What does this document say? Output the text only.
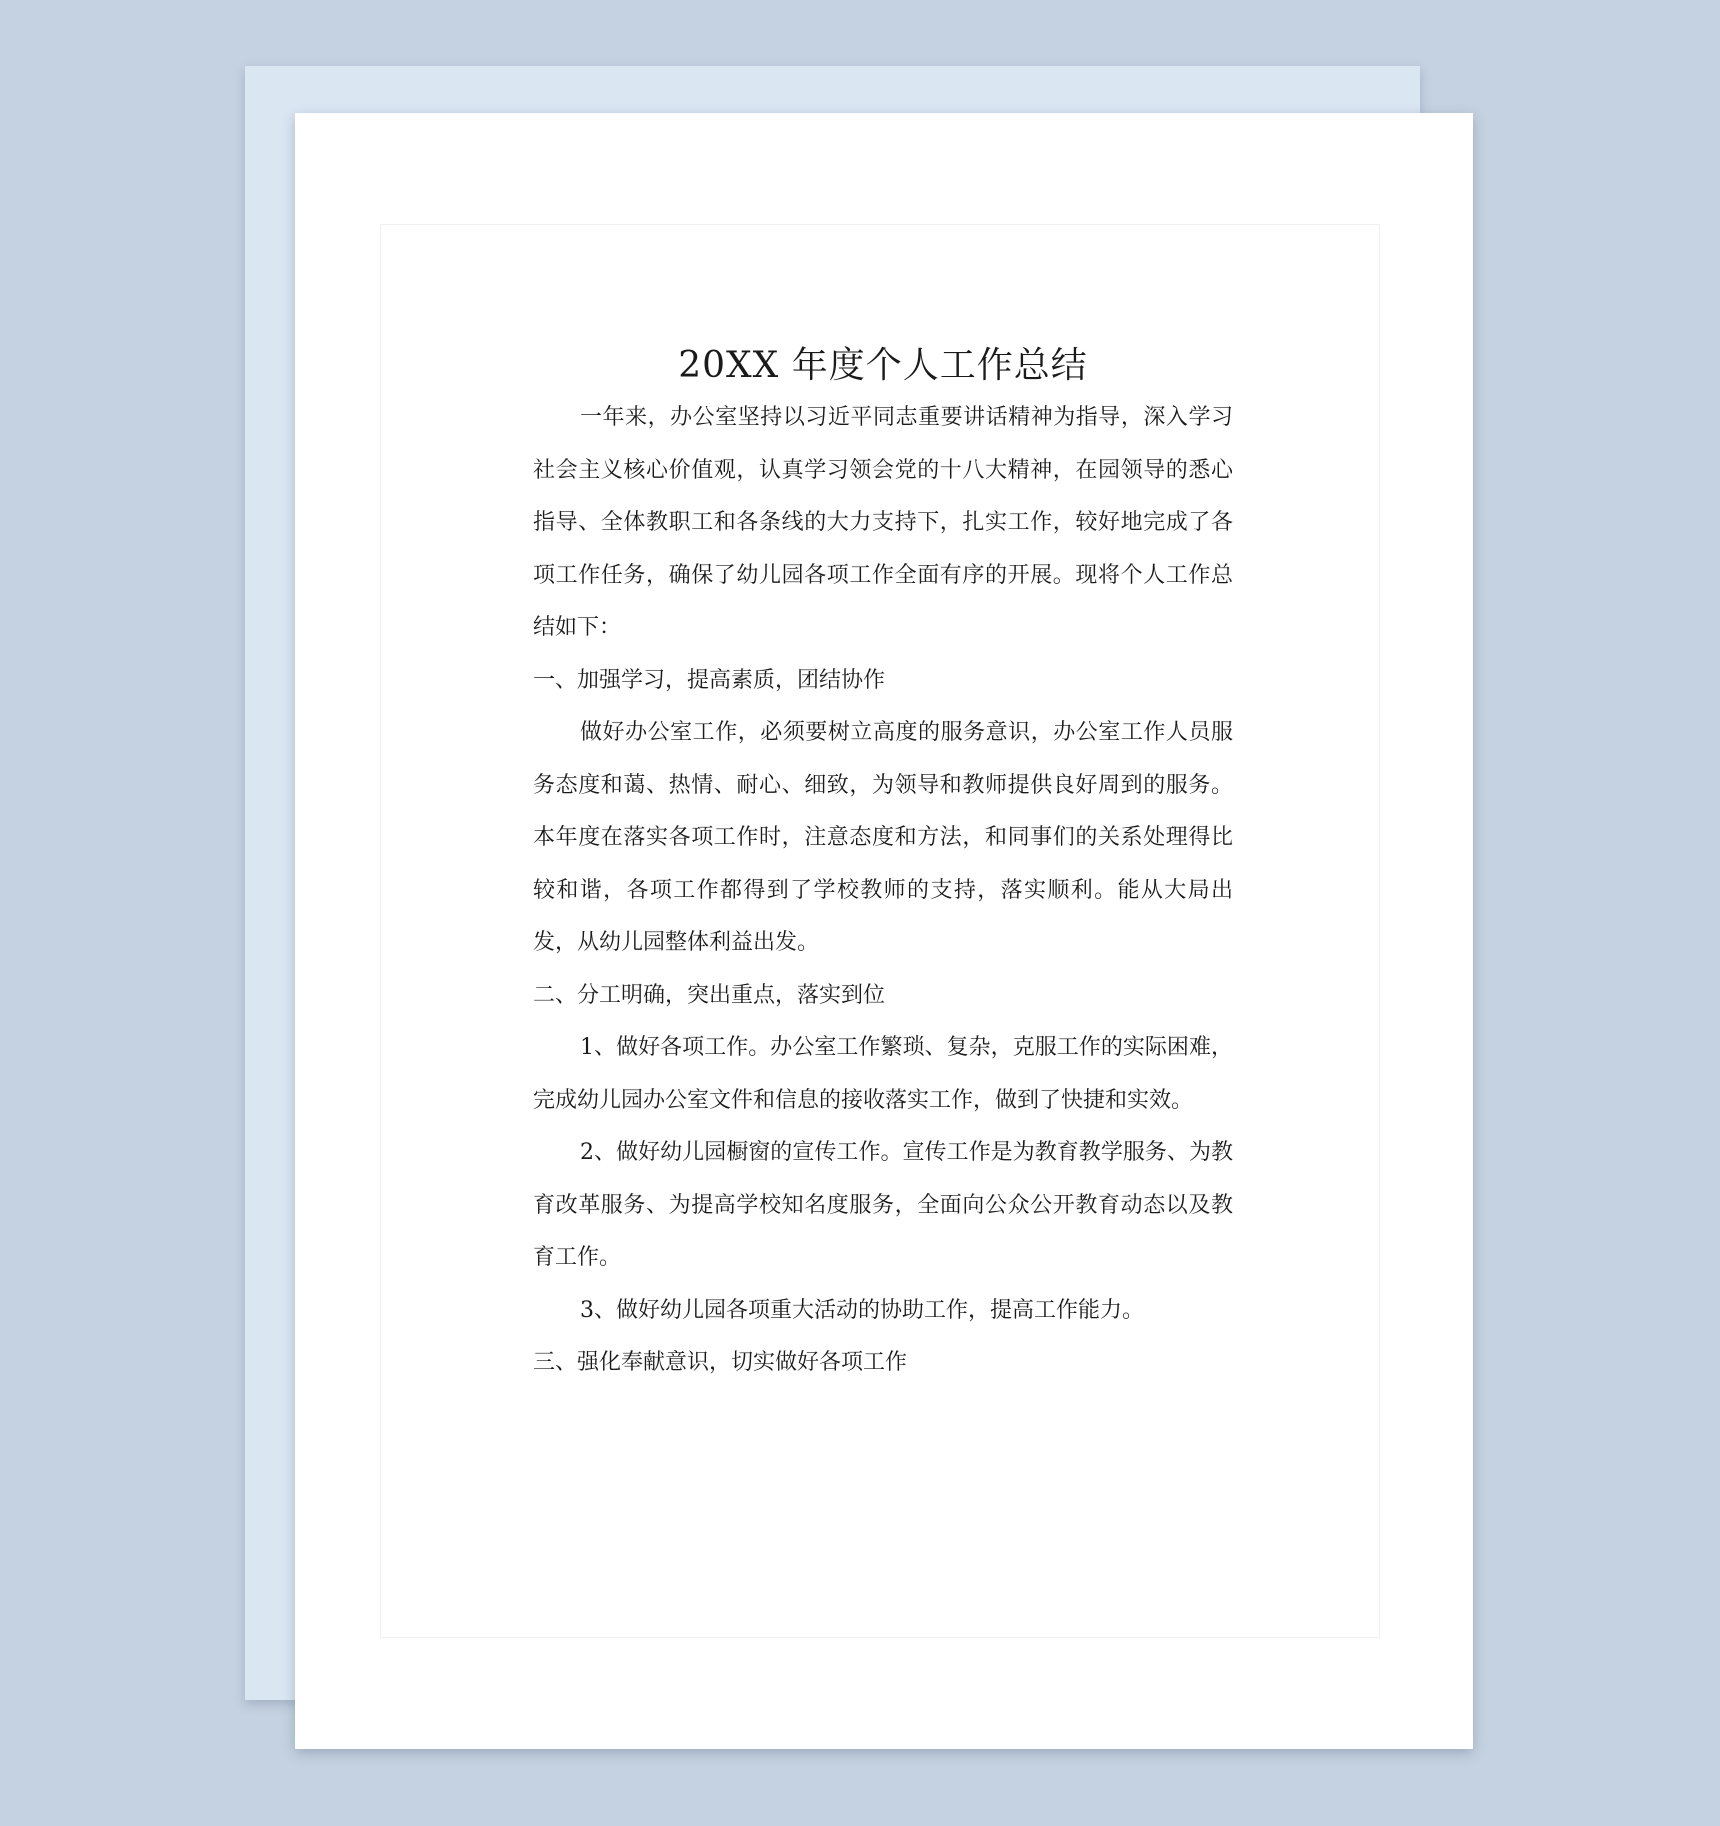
20XX 年度个人工作总结

一年来，办公室坚持以习近平同志重要讲话精神为指导，深入学习社会主义核心价值观，认真学习领会党的十八大精神，在园领导的悉心指导、全体教职工和各条线的大力支持下，扎实工作，较好地完成了各项工作任务，确保了幼儿园各项工作全面有序的开展。现将个人工作总结如下：

一、加强学习，提高素质，团结协作

做好办公室工作，必须要树立高度的服务意识，办公室工作人员服务态度和蔼、热情、耐心、细致，为领导和教师提供良好周到的服务。本年度在落实各项工作时，注意态度和方法，和同事们的关系处理得比较和谐，各项工作都得到了学校教师的支持，落实顺利。能从大局出发，从幼儿园整体利益出发。

二、分工明确，突出重点，落实到位

1、做好各项工作。办公室工作繁琐、复杂，克服工作的实际困难，完成幼儿园办公室文件和信息的接收落实工作，做到了快捷和实效。

2、做好幼儿园橱窗的宣传工作。宣传工作是为教育教学服务、为教育改革服务、为提高学校知名度服务，全面向公众公开教育动态以及教育工作。

3、做好幼儿园各项重大活动的协助工作，提高工作能力。

三、强化奉献意识，切实做好各项工作
